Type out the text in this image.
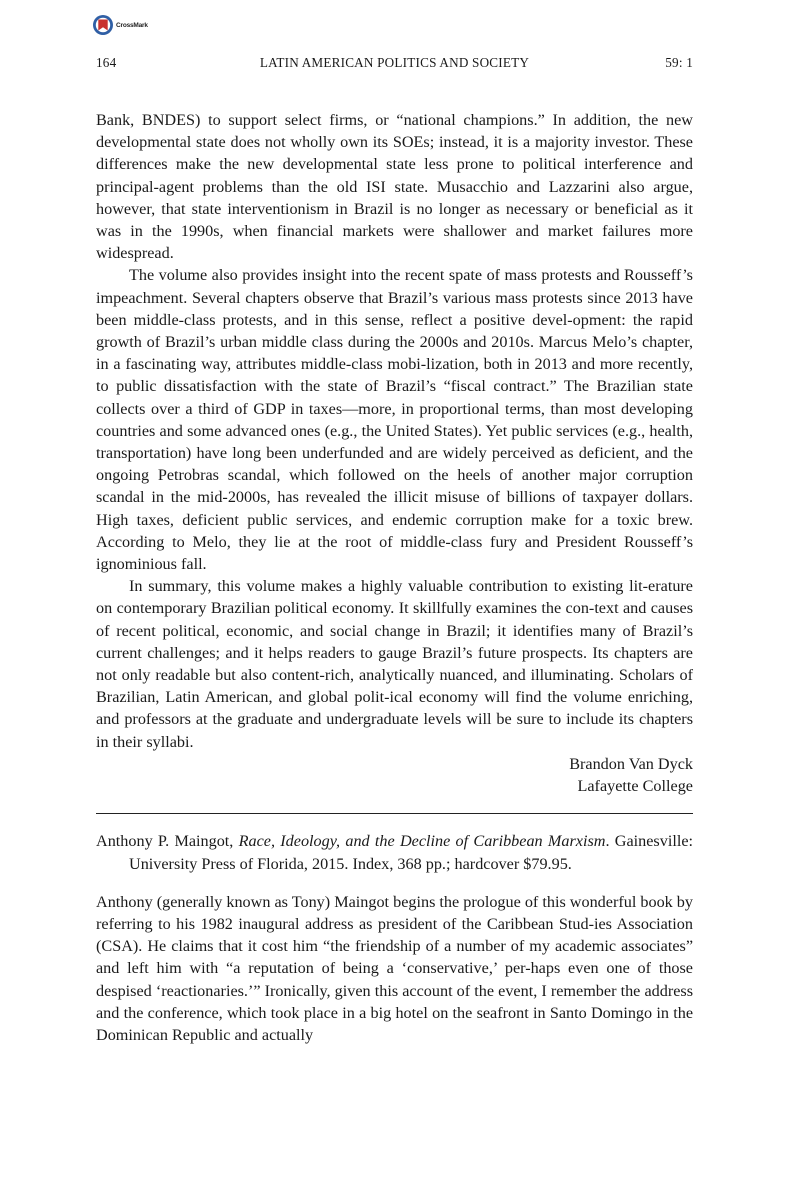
CrossMark
164	LATIN AMERICAN POLITICS AND SOCIETY	59: 1

Bank, BNDES) to support select firms, or “national champions.” In addition, the new developmental state does not wholly own its SOEs; instead, it is a majority investor. These differences make the new developmental state less prone to political interference and principal-agent problems than the old ISI state. Musacchio and Lazzarini also argue, however, that state interventionism in Brazil is no longer as necessary or beneficial as it was in the 1990s, when financial markets were shallower and market failures more widespread.

The volume also provides insight into the recent spate of mass protests and Rousseff’s impeachment. Several chapters observe that Brazil’s various mass protests since 2013 have been middle-class protests, and in this sense, reflect a positive devel-opment: the rapid growth of Brazil’s urban middle class during the 2000s and 2010s. Marcus Melo’s chapter, in a fascinating way, attributes middle-class mobi-lization, both in 2013 and more recently, to public dissatisfaction with the state of Brazil’s “fiscal contract.” The Brazilian state collects over a third of GDP in taxes—more, in proportional terms, than most developing countries and some advanced ones (e.g., the United States). Yet public services (e.g., health, transportation) have long been underfunded and are widely perceived as deficient, and the ongoing Petrobras scandal, which followed on the heels of another major corruption scandal in the mid-2000s, has revealed the illicit misuse of billions of taxpayer dollars. High taxes, deficient public services, and endemic corruption make for a toxic brew. According to Melo, they lie at the root of middle-class fury and President Rousseff’s ignominious fall.

In summary, this volume makes a highly valuable contribution to existing lit-erature on contemporary Brazilian political economy. It skillfully examines the con-text and causes of recent political, economic, and social change in Brazil; it identifies many of Brazil’s current challenges; and it helps readers to gauge Brazil’s future prospects. Its chapters are not only readable but also content-rich, analytically nuanced, and illuminating. Scholars of Brazilian, Latin American, and global polit-ical economy will find the volume enriching, and professors at the graduate and undergraduate levels will be sure to include its chapters in their syllabi.

Brandon Van Dyck
Lafayette College

Anthony P. Maingot, Race, Ideology, and the Decline of Caribbean Marxism. Gainesville: University Press of Florida, 2015. Index, 368 pp.; hardcover $79.95.

Anthony (generally known as Tony) Maingot begins the prologue of this wonderful book by referring to his 1982 inaugural address as president of the Caribbean Stud-ies Association (CSA). He claims that it cost him “the friendship of a number of my academic associates” and left him with “a reputation of being a ‘conservative,’ per-haps even one of those despised ‘reactionaries.’” Ironically, given this account of the event, I remember the address and the conference, which took place in a big hotel on the seafront in Santo Domingo in the Dominican Republic and actually
